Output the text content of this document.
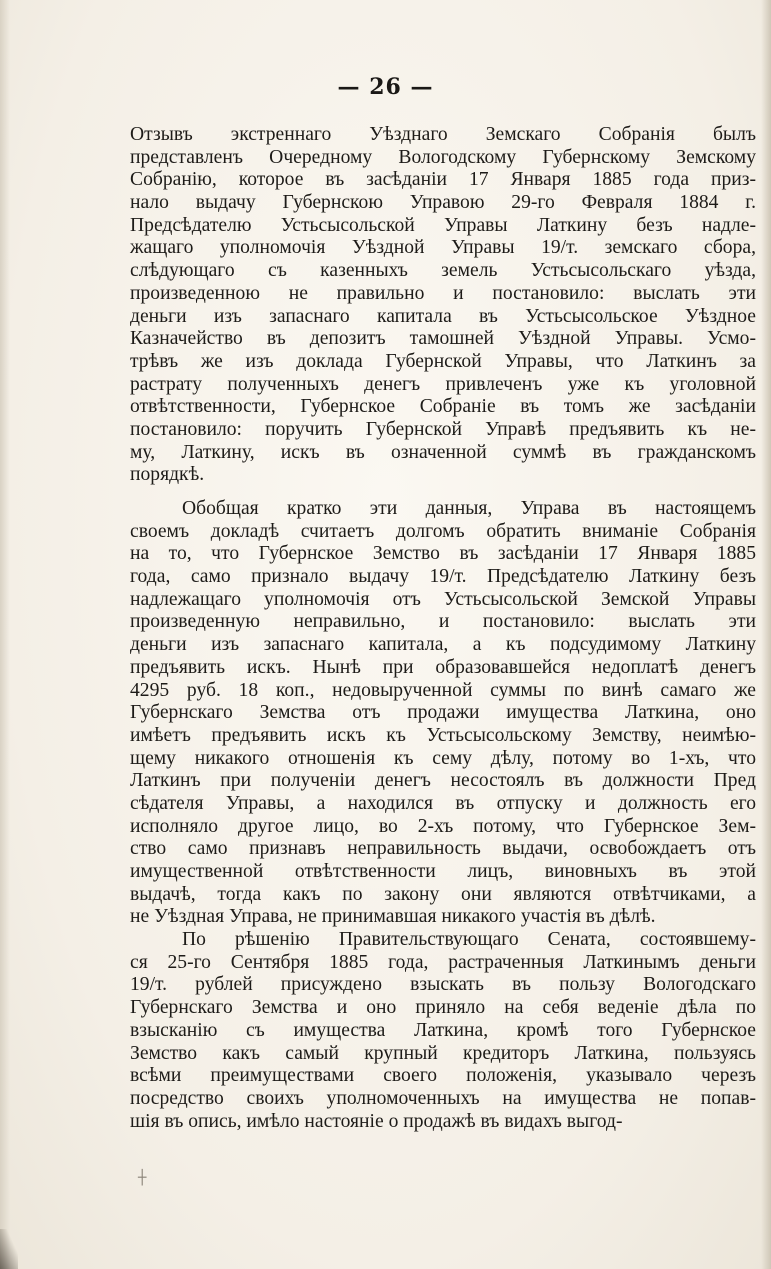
— 26 —
Отзывъ экстреннаго Уѣзднаго Земскаго Собранія былъ
представленъ Очередному Вологодскому Губернскому Земскому
Собранію, которое въ засѣданіи 17 Января 1885 года приз-
нало выдачу Губернскою Управою 29-го Февраля 1884 г.
Предсѣдателю Устьсысольской Управы Латкину безъ надле-
жащаго уполномочія Уѣздной Управы 19/т. земскаго сбора,
слѣдующаго съ казенныхъ земель Устьсысольскаго уѣзда,
произведенною не правильно и постановило: выслать эти
деньги изъ запаснаго капитала въ Устьсысольское Уѣздное
Казначейство въ депозитъ тамошней Уѣздной Управы. Усмо-
трѣвъ же изъ доклада Губернской Управы, что Латкинъ за
растрату полученныхъ денегъ привлеченъ уже къ уголовной
отвѣтственности, Губернское Собраніе въ томъ же засѣданіи
постановило: поручить Губернской Управѣ предъявить къ не-
му, Латкину, искъ въ означенной суммѣ въ гражданскомъ
порядкѣ.
Обобщая кратко эти данныя, Управа въ настоящемъ
своемъ докладѣ считаетъ долгомъ обратить вниманіе Собранія
на то, что Губернское Земство въ засѣданіи 17 Января 1885
года, само признало выдачу 19/т. Предсѣдателю Латкину безъ
надлежащаго уполномочія отъ Устьсысольской Земской Управы
произведенную неправильно, и постановило: выслать эти
деньги изъ запаснаго капитала, а къ подсудимому Латкину
предъявить искъ. Нынѣ при образовавшейся недоплатѣ денегъ
4295 руб. 18 коп., недовырученной суммы по винѣ самаго же
Губернскаго Земства отъ продажи имущества Латкина, оно
имѣетъ предъявить искъ къ Устьсысольскому Земству, неимѣю-
щему никакого отношенія къ сему дѣлу, потому во 1-хъ, что
Латкинъ при полученіи денегъ несостоялъ въ должности Пред
сѣдателя Управы, а находился въ отпуску и должность его
исполняло другое лицо, во 2-хъ потому, что Губернское Зем-
ство само признавъ неправильность выдачи, освобождаетъ отъ
имущественной отвѣтственности лицъ, виновныхъ въ этой
выдачѣ, тогда какъ по закону они являются отвѣтчиками, а
не Уѣздная Управа, не принимавшая никакого участія въ дѣлѣ.
По рѣшенію Правительствующаго Сената, состоявшему-
ся 25-го Сентября 1885 года, растраченныя Латкинымъ деньги
19/т. рублей присуждено взыскать въ пользу Вологодскаго
Губернскаго Земства и оно приняло на себя веденіе дѣла по
взысканію съ имущества Латкина, кромѣ того Губернское
Земство какъ самый крупный кредиторъ Латкина, пользуясь
всѣми преимуществами своего положенія, указывало черезъ
посредство своихъ уполномоченныхъ на имущества не попав-
шія въ опись, имѣло настояніе о продажѣ въ видахъ выгод-
┼
